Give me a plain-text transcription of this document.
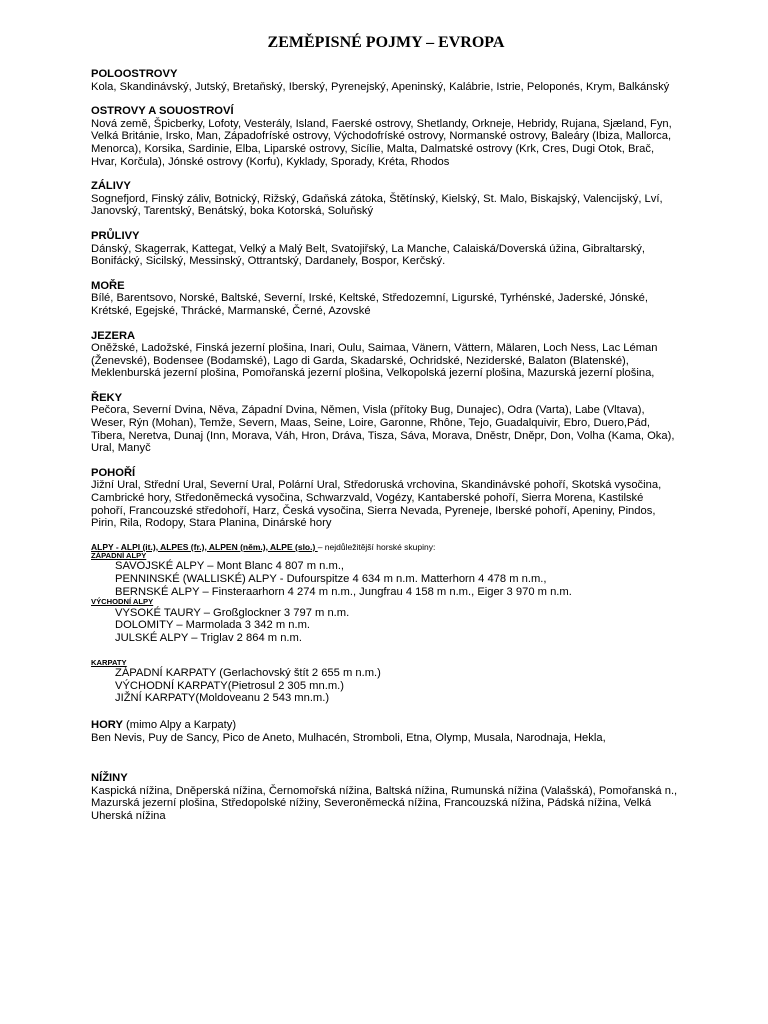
ZEMĚPISNÉ POJMY – EVROPA
POLOOSTROVY
Kola, Skandinávský, Jutský, Bretaňský, Iberský, Pyrenejský, Apeninský, Kalábrie, Istrie, Peloponés, Krym, Balkánský
OSTROVY A SOUOSTROVÍ
Nová země, Špicberky, Lofoty, Vesterály, Island, Faerské ostrovy, Shetlandy, Orkneje, Hebridy, Rujana, Sjæland, Fyn, Velká Británie, Irsko, Man, Západofríské ostrovy, Východofríské ostrovy, Normanské ostrovy, Baleáry (Ibiza, Mallorca, Menorca), Korsika, Sardinie, Elba, Liparské ostrovy, Sicílie, Malta, Dalmatské ostrovy (Krk, Cres, Dugi Otok, Brač, Hvar, Korčula), Jónské ostrovy (Korfu), Kyklady, Sporady, Kréta, Rhodos
ZÁLIVY
Sognefjord, Finský záliv, Botnický, Rižský, Gdaňská zátoka, Štětínský, Kielský, St. Malo, Biskajský, Valencijský, Lví, Janovský, Tarentský, Benátský, boka Kotorská, Soluňský
PRŮLIVY
Dánský, Skagerrak, Kattegat, Velký a Malý Belt, Svatojiřský, La Manche, Calaiská/Doverská úžina, Gibraltarský, Bonifácký, Sicilský, Messinský, Ottrantský, Dardanely, Bospor, Kerčský.
MOŘE
Bílé, Barentsovo, Norské, Baltské, Severní, Irské, Keltské, Středozemní, Ligurské, Tyrhénské, Jaderské, Jónské, Krétské, Egejské, Thrácké, Marmanské, Černé, Azovské
JEZERA
Oněžské, Ladožské, Finská jezerní plošina, Inari, Oulu, Saimaa, Vänern, Vättern, Mälaren, Loch Ness, Lac Léman (Ženevské), Bodensee (Bodamské), Lago di Garda, Skadarské, Ochridské, Neziderské, Balaton (Blatenské), Meklenburská jezerní plošina, Pomořanská jezerní plošina, Velkopolská jezerní plošina, Mazurská jezerní plošina,
ŘEKY
Pečora, Severní Dvina, Něva, Západní Dvina, Němen, Visla (přítoky Bug, Dunajec), Odra (Varta), Labe (Vltava), Weser, Rýn (Mohan), Temže, Severn, Maas, Seine, Loire, Garonne, Rhône, Tejo, Guadalquivir, Ebro, Duero,Pád, Tibera, Neretva, Dunaj (Inn, Morava, Váh, Hron, Dráva, Tisza, Sáva, Morava, Dněstr, Dněpr, Don, Volha (Kama, Oka), Ural, Manyč
POHOŘÍ
Jižní Ural, Střední Ural, Severní Ural, Polární Ural, Středoruská vrchovina, Skandinávské pohoří, Skotská vysočina, Cambrické hory, Středoněmecká vysočina, Schwarzvald, Vogézy, Kantaberské pohoří, Sierra Morena, Kastilské pohoří, Francouzské středohoří, Harz, Česká vysočina, Sierra Nevada, Pyreneje, Iberské pohoří, Apeniny, Pindos, Pirin, Rila, Rodopy, Stara Planina, Dinárské hory
ALPY - ALPI (it.), ALPES (fr.), ALPEN (něm.), ALPE (slo.) – nejdůležitější horské skupiny:
ZÁPADNÍ ALPY
SAVOJSKÉ ALPY – Mont Blanc 4 807 m n.m.,
PENNINSKÉ (WALLISKÉ) ALPY - Dufourspitze 4 634 m n.m. Matterhorn 4 478 m n.m.,
BERNSKÉ ALPY – Finsteraarhorn 4 274 m n.m., Jungfrau 4 158 m n.m., Eiger 3 970 m n.m.
VÝCHODNÍ ALPY
VYSOKÉ TAURY – Großglockner 3 797 m n.m.
DOLOMITY – Marmolada 3 342 m n.m.
JULSKÉ ALPY – Triglav 2 864 m n.m.
KARPATY
ZÁPADNÍ KARPATY (Gerlachovský štít 2 655 m n.m.)
VÝCHODNÍ KARPATY(Pietrosul 2 305 mn.m.)
JIŽNÍ KARPATY(Moldoveanu 2 543 mn.m.)
HORY (mimo Alpy a Karpaty)
Ben Nevis, Puy de Sancy, Pico de Aneto, Mulhacén, Stromboli, Etna, Olymp, Musala, Narodnaja, Hekla,
NÍŽINY
Kaspická nížina, Dněperská nížina, Černomořská nížina, Baltská nížina, Rumunská nížina (Valašská), Pomořanská n., Mazurská jezerní plošina, Středopolské nížiny, Severoněmecká nížina, Francouzská nížina, Pádská nížina, Velká Uherská nížina
